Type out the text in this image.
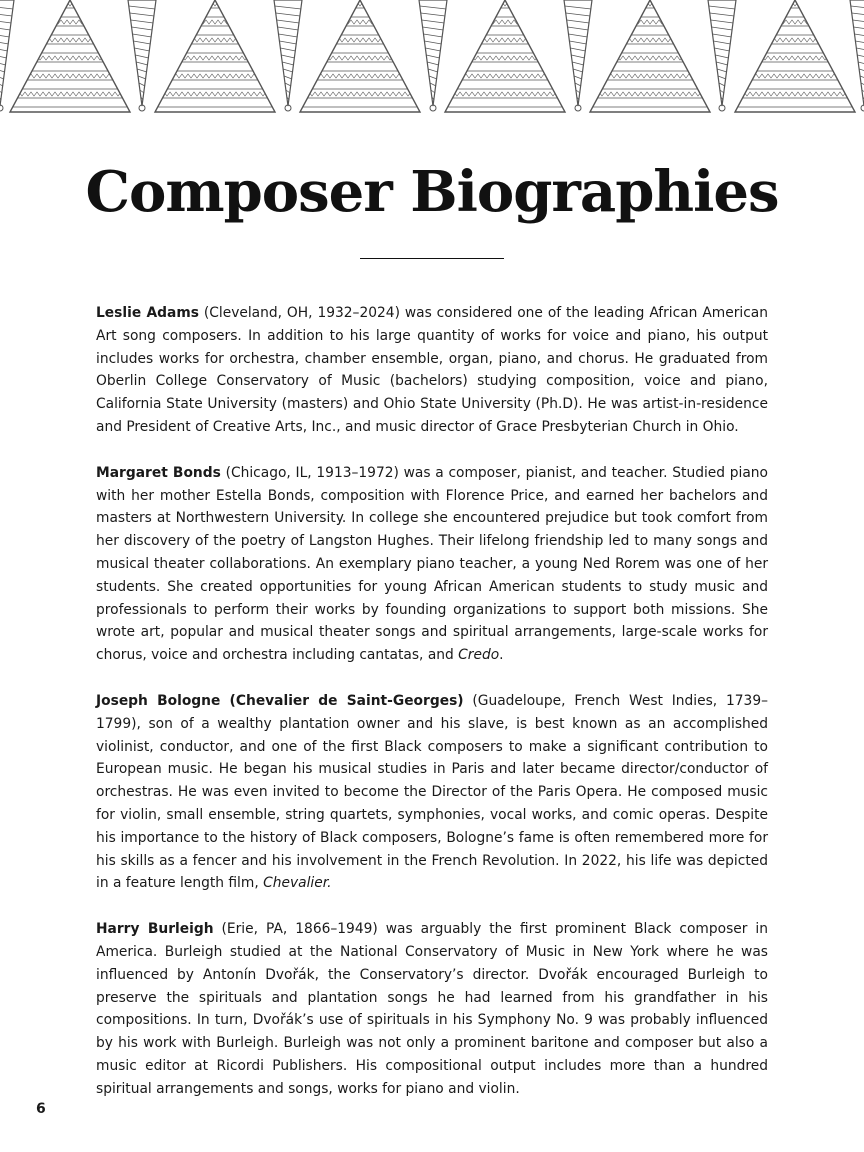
Composer Biographies

Leslie Adams (Cleveland, OH, 1932–2024) was considered one of the leading African American Art song composers. In addition to his large quantity of works for voice and piano, his output includes works for orchestra, chamber ensemble, organ, piano, and chorus. He graduated from Oberlin College Conservatory of Music (bachelors) studying composition, voice and piano, California State University (masters) and Ohio State University (Ph.D). He was artist-in-residence and President of Creative Arts, Inc., and music director of Grace Presbyterian Church in Ohio.

Margaret Bonds (Chicago, IL, 1913–1972) was a composer, pianist, and teacher. Studied piano with her mother Estella Bonds, composition with Florence Price, and earned her bachelors and masters at Northwestern University. In college she encountered prejudice but took comfort from her discovery of the poetry of Langston Hughes. Their lifelong friendship led to many songs and musical theater collaborations. An exemplary piano teacher, a young Ned Rorem was one of her students. She created opportunities for young African American students to study music and professionals to perform their works by founding organizations to support both missions. She wrote art, popular and musical theater songs and spiritual arrangements, large-scale works for chorus, voice and orchestra including cantatas, and Credo.

Joseph Bologne (Chevalier de Saint-Georges) (Guadeloupe, French West Indies, 1739–1799), son of a wealthy plantation owner and his slave, is best known as an accomplished violinist, conductor, and one of the first Black composers to make a significant contribution to European music. He began his musical studies in Paris and later became director/conductor of orchestras. He was even invited to become the Director of the Paris Opera. He composed music for violin, small ensemble, string quartets, symphonies, vocal works, and comic operas. Despite his importance to the history of Black composers, Bologne’s fame is often remembered more for his skills as a fencer and his involvement in the French Revolution. In 2022, his life was depicted in a feature length film, Chevalier.

Harry Burleigh (Erie, PA, 1866–1949) was arguably the first prominent Black composer in America. Burleigh studied at the National Conservatory of Music in New York where he was influenced by Antonín Dvořák, the Conservatory’s director. Dvořák encouraged Burleigh to preserve the spirituals and plantation songs he had learned from his grandfather in his compositions. In turn, Dvořák’s use of spirituals in his Symphony No. 9 was probably influenced by his work with Burleigh. Burleigh was not only a prominent baritone and composer but also a music editor at Ricordi Publishers. His compositional output includes more than a hundred spiritual arrangements and songs, works for piano and violin.

6
